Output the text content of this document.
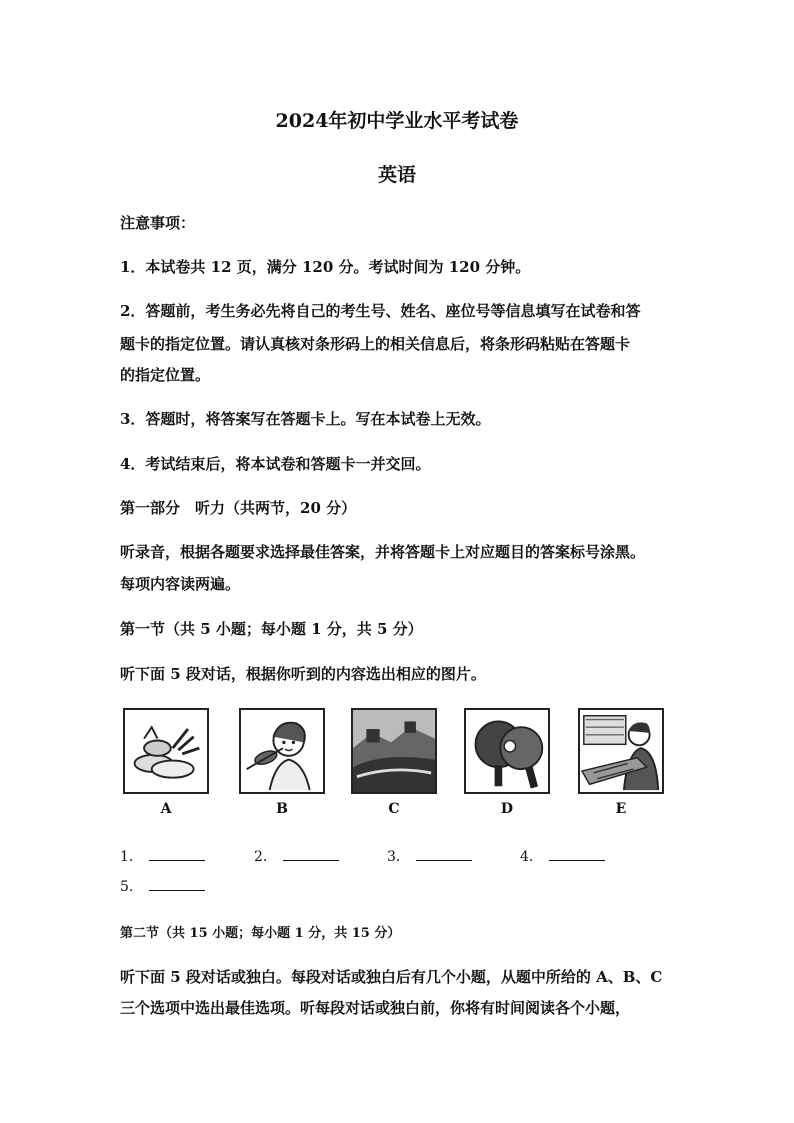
2024年初中学业水平考试卷
英语
注意事项：
1．本试卷共 12 页，满分 120 分。考试时间为 120 分钟。
2．答题前，考生务必先将自己的考生号、姓名、座位号等信息填写在试卷和答
题卡的指定位置。请认真核对条形码上的相关信息后，将条形码粘贴在答题卡
的指定位置。
3．答题时，将答案写在答题卡上。写在本试卷上无效。
4．考试结束后，将本试卷和答题卡一并交回。
第一部分　听力（共两节，20 分）
听录音，根据各题要求选择最佳答案，并将答题卡上对应题目的答案标号涂黑。
每项内容读两遍。
第一节（共 5 小题；每小题 1 分，共 5 分）
听下面 5 段对话，根据你听到的内容选出相应的图片。
A	B	C	D	E
1．	2．	3．	4．
5．
第二节（共 15 小题；每小题 1 分，共 15 分）
听下面 5 段对话或独白。每段对话或独白后有几个小题，从题中所给的 A、B、C
三个选项中选出最佳选项。听每段对话或独白前，你将有时间阅读各个小题，
